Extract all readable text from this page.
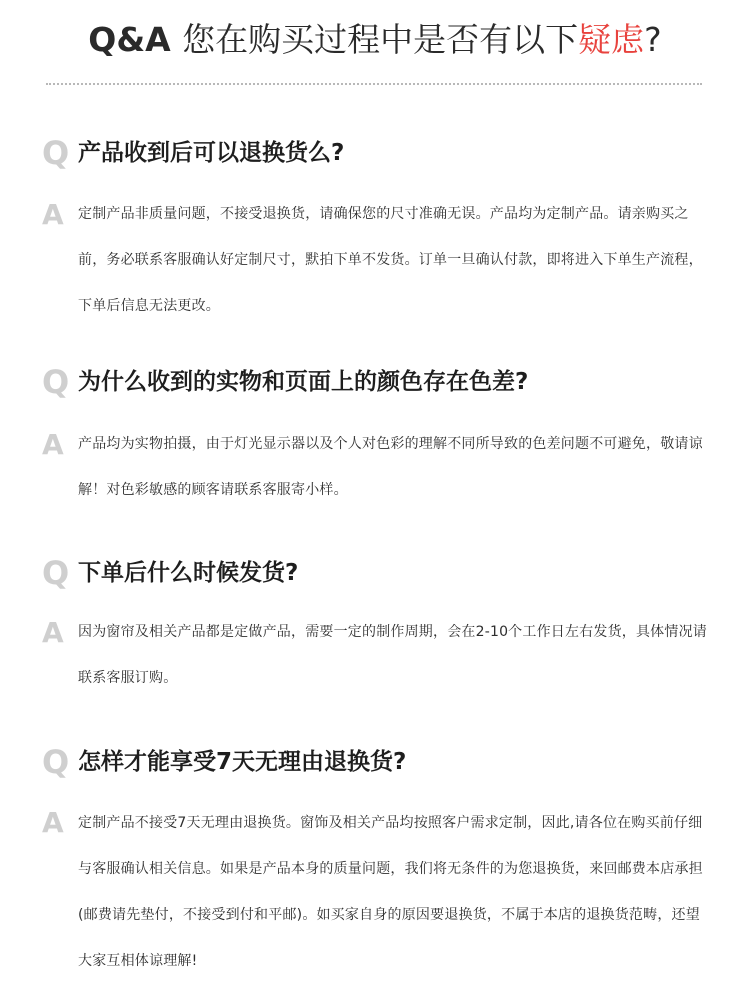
Q&A 您在购买过程中是否有以下疑虑?
Q 产品收到后可以退换货么?
A 定制产品非质量问题，不接受退换货，请确保您的尺寸准确无误。产品均为定制产品。请亲购买之前，务必联系客服确认好定制尺寸，默拍下单不发货。订单一旦确认付款，即将进入下单生产流程，下单后信息无法更改。
Q 为什么收到的实物和页面上的颜色存在色差?
A 产品均为实物拍摄，由于灯光显示器以及个人对色彩的理解不同所导致的色差问题不可避免，敬请谅解！对色彩敏感的顾客请联系客服寄小样。
Q 下单后什么时候发货?
A 因为窗帘及相关产品都是定做产品，需要一定的制作周期，会在2-10个工作日左右发货，具体情况请联系客服订购。
Q 怎样才能享受7天无理由退换货?
A 定制产品不接受7天无理由退换货。窗饰及相关产品均按照客户需求定制，因此,请各位在购买前仔细与客服确认相关信息。如果是产品本身的质量问题，我们将无条件的为您退换货，来回邮费本店承担(邮费请先垫付，不接受到付和平邮)。如买家自身的原因要退换货，不属于本店的退换货范畴，还望大家互相体谅理解!
